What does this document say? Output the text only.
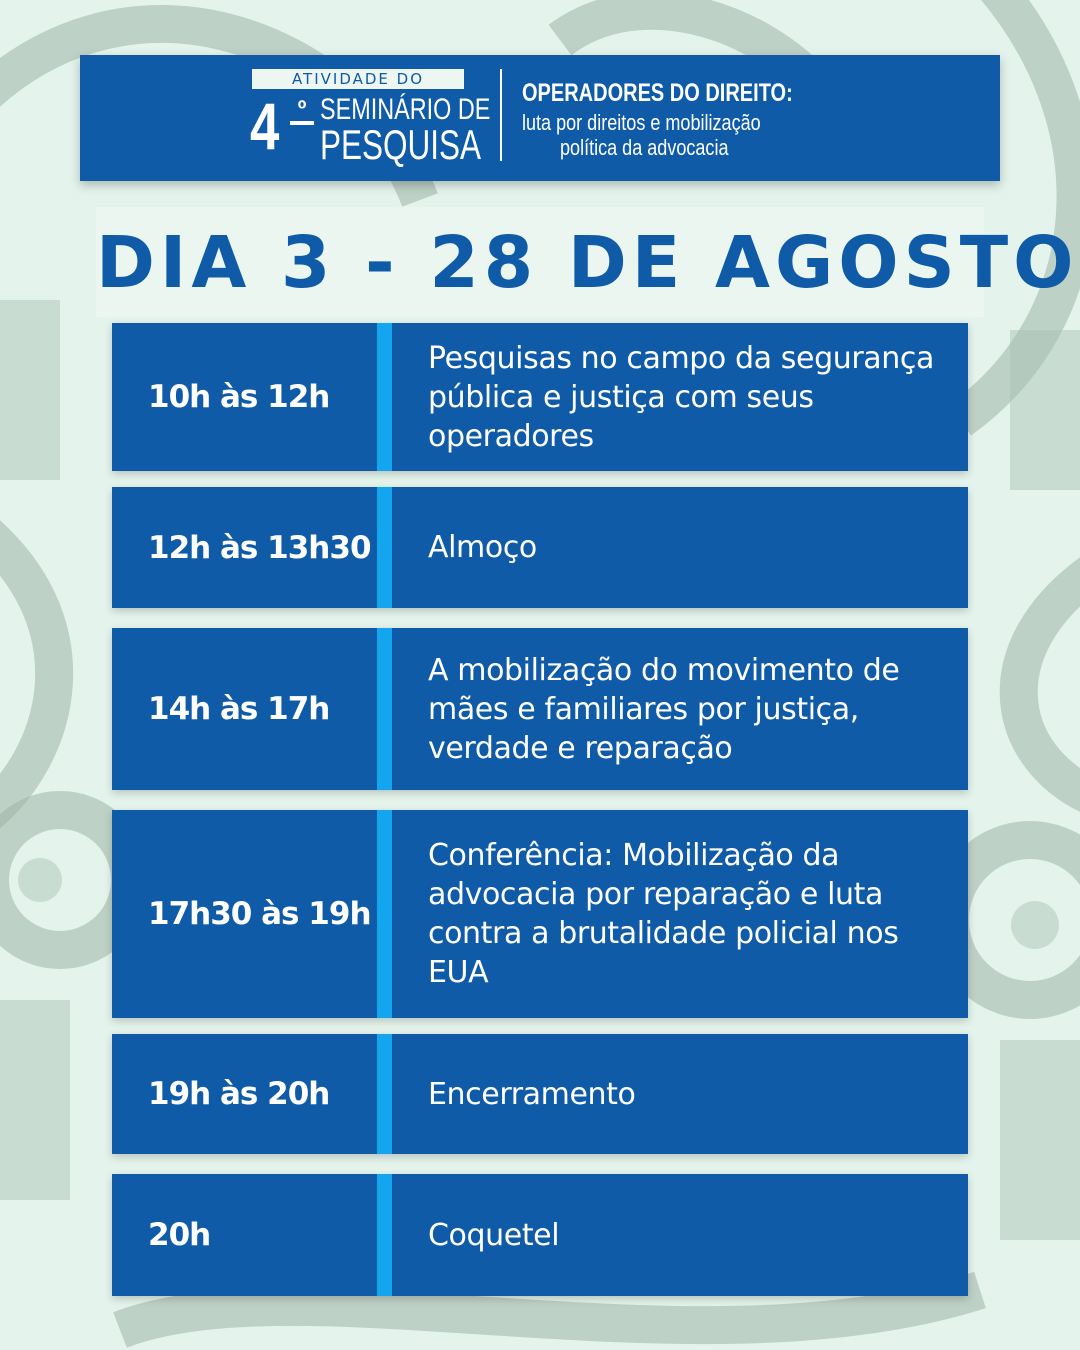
ATIVIDADE DO
4 º SEMINÁRIO DE
PESQUISA
OPERADORES DO DIREITO:
luta por direitos e mobilização
política da advocacia
DIA 3 - 28 DE AGOSTO
10h às 12h
Pesquisas no campo da segurança pública e justiça com seus operadores
12h às 13h30 Almoço
14h às 17h
A mobilização do movimento de mães e familiares por justiça, verdade e reparação
17h30 às 19h
Conferência: Mobilização da advocacia por reparação e luta contra a brutalidade policial nos EUA
19h às 20h	Encerramento
20h	Coquetel
